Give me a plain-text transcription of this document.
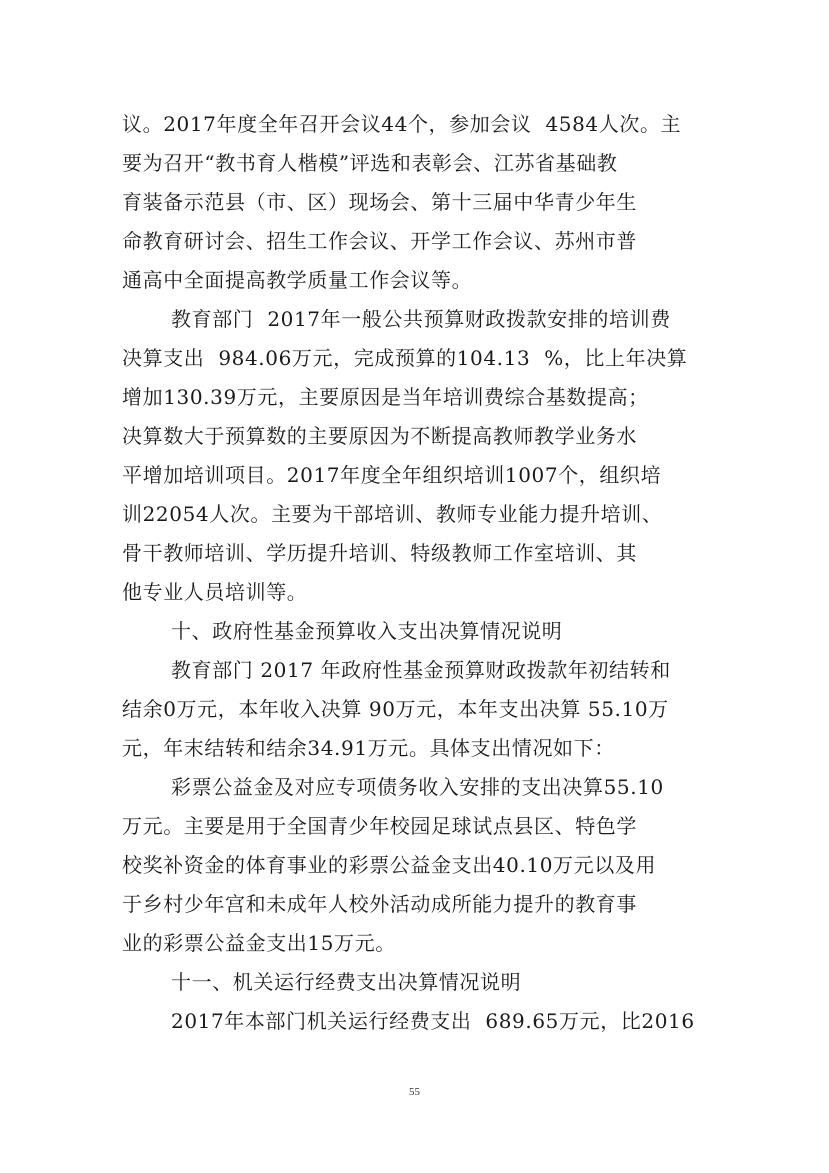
议。2017年度全年召开会议44个，参加会议  4584人次。主
要为召开“教书育人楷模”评选和表彰会、江苏省基础教
育装备示范县（市、区）现场会、第十三届中华青少年生
命教育研讨会、招生工作会议、开学工作会议、苏州市普
通高中全面提高教学质量工作会议等。
教育部门  2017年一般公共预算财政拨款安排的培训费
决算支出  984.06万元，完成预算的104.13  %，比上年决算
增加130.39万元，主要原因是当年培训费综合基数提高；
决算数大于预算数的主要原因为不断提高教师教学业务水
平增加培训项目。2017年度全年组织培训1007个，组织培
训22054人次。主要为干部培训、教师专业能力提升培训、
骨干教师培训、学历提升培训、特级教师工作室培训、其
他专业人员培训等。
十、政府性基金预算收入支出决算情况说明
教育部门 2017 年政府性基金预算财政拨款年初结转和
结余0万元，本年收入决算 90万元，本年支出决算 55.10万
元，年末结转和结余34.91万元。具体支出情况如下：
彩票公益金及对应专项债务收入安排的支出决算55.10
万元。主要是用于全国青少年校园足球试点县区、特色学
校奖补资金的体育事业的彩票公益金支出40.10万元以及用
于乡村少年宫和未成年人校外活动成所能力提升的教育事
业的彩票公益金支出15万元。
十一、机关运行经费支出决算情况说明
2017年本部门机关运行经费支出  689.65万元，比2016
55
